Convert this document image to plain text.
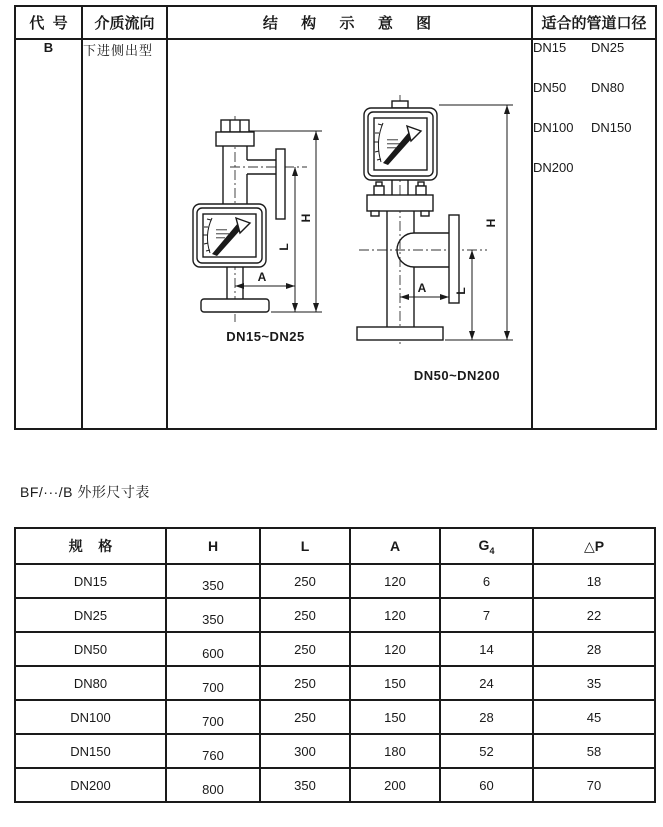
代  号	介质流向	结  构  示  意  图	适合的管道口径
B	下进侧出型	
H
L
A
DN15~DN25
H
L
A
DN50~DN200

DN15 DN25
DN50 DN80
DN100 DN150
DN200
BF/···/B 外形尺寸表
规    格	H	L	A	$G_4$	△P
DN15	350	250	120	6	18
DN25	350	250	120	7	22
DN50	600	250	120	14	28
DN80	700	250	150	24	35
DN100	700	250	150	28	45
DN150	760	300	180	52	58
DN200	800	350	200	60	70
